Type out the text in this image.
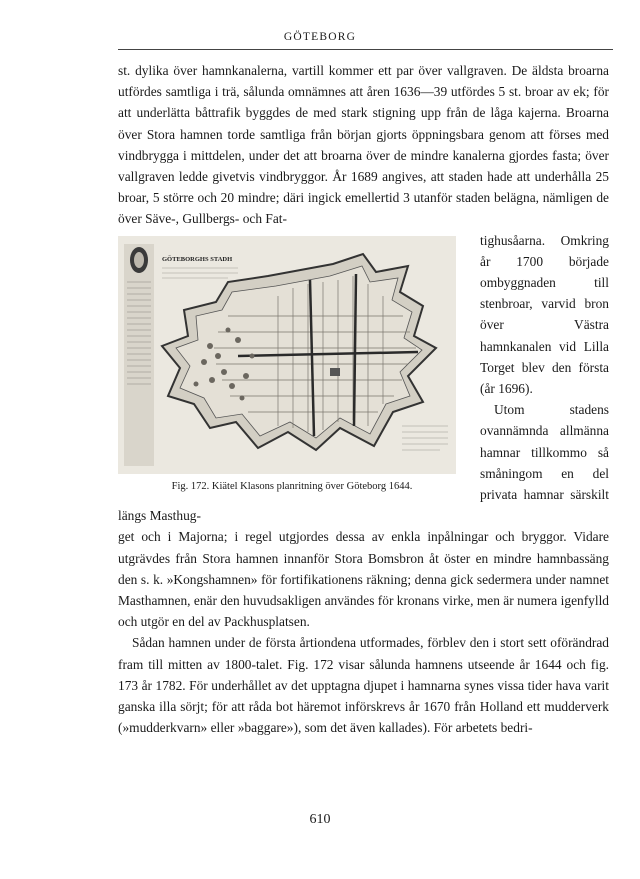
GÖTEBORG

st. dylika över hamnkanalerna, vartill kommer ett par över vallgraven. De äldsta broarna utfördes samtliga i trä, sålunda omnämnes att åren 1636—39 utfördes 5 st. broar av ek; för att underlätta båttrafik byggdes de med stark stigning upp från de låga kajerna. Broarna över Stora hamnen torde samtliga från början gjorts öppningsbara genom att förses med vindbrygga i mittdelen, under det att broarna över de mindre kanalerna gjordes fasta; över vallgraven ledde givetvis vindbryggor. År 1689 angives, att staden hade att underhålla 25 broar, 5 större och 20 mindre; däri ingick emellertid 3 utanför staden belägna, nämligen de över Säve-, Gullbergs- och Fat-

GÖTEBORGHS STADH
Fig. 172. Kiätel Klasons planritning över Göteborg 1644.

tighusåarna. Omkring år 1700 började ombyggnaden till stenbroar, varvid bron över Västra hamnkanalen vid Lilla Torget blev den första (år 1696).

Utom stadens ovannämnda allmänna hamnar tillkommo så småningom en del privata hamnar särskilt längs Masthug-

get och i Majorna; i regel utgjordes dessa av enkla inpålningar och bryggor. Vidare utgrävdes från Stora hamnen innanför Stora Bomsbron åt öster en mindre hamnbassäng den s. k. »Kongshamnen» för fortifikationens räkning; denna gick sedermera under namnet Masthamnen, enär den huvudsakligen användes för kronans virke, men är numera igenfylld och utgör en del av Packhusplatsen.

Sådan hamnen under de första årtiondena utformades, förblev den i stort sett oförändrad fram till mitten av 1800-talet. Fig. 172 visar sålunda hamnens utseende år 1644 och fig. 173 år 1782. För underhållet av det upptagna djupet i hamnarna synes vissa tider hava varit ganska illa sörjt; för att råda bot häremot införskrevs år 1670 från Holland ett mudderverk (»mudderkvarn» eller »baggare»), som det även kallades). För arbetets bedri-

610
